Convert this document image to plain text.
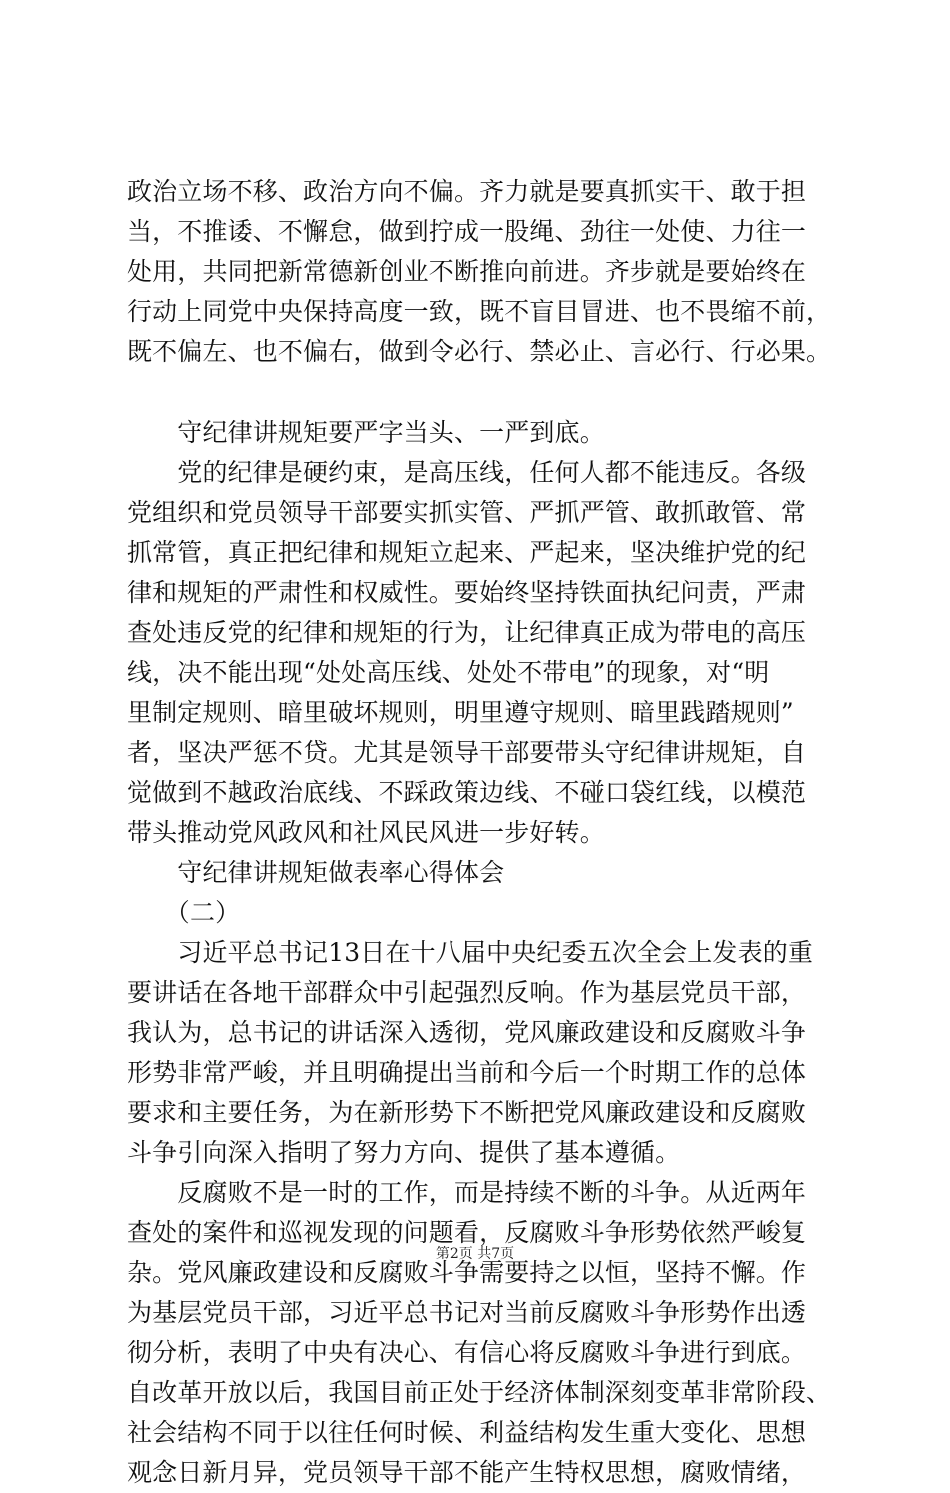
政治立场不移、政治方向不偏。齐力就是要真抓实干、敢于担
当，不推诿、不懈怠，做到拧成一股绳、劲往一处使、力往一
处用，共同把新常德新创业不断推向前进。齐步就是要始终在
行动上同党中央保持高度一致，既不盲目冒进、也不畏缩不前，
既不偏左、也不偏右，做到令必行、禁必止、言必行、行必果。
　　守纪律讲规矩要严字当头、一严到底。
　　党的纪律是硬约束，是高压线，任何人都不能违反。各级
党组织和党员领导干部要实抓实管、严抓严管、敢抓敢管、常
抓常管，真正把纪律和规矩立起来、严起来，坚决维护党的纪
律和规矩的严肃性和权威性。要始终坚持铁面执纪问责，严肃
查处违反党的纪律和规矩的行为，让纪律真正成为带电的高压
线，决不能出现“处处高压线、处处不带电”的现象，对“明
里制定规则、暗里破坏规则，明里遵守规则、暗里践踏规则”
者，坚决严惩不贷。尤其是领导干部要带头守纪律讲规矩，自
觉做到不越政治底线、不踩政策边线、不碰口袋红线，以模范
带头推动党风政风和社风民风进一步好转。
　　守纪律讲规矩做表率心得体会
　　（二）
　　习近平总书记13日在十八届中央纪委五次全会上发表的重
要讲话在各地干部群众中引起强烈反响。作为基层党员干部，
我认为，总书记的讲话深入透彻，党风廉政建设和反腐败斗争
形势非常严峻，并且明确提出当前和今后一个时期工作的总体
要求和主要任务，为在新形势下不断把党风廉政建设和反腐败
斗争引向深入指明了努力方向、提供了基本遵循。
　　反腐败不是一时的工作，而是持续不断的斗争。从近两年
查处的案件和巡视发现的问题看，反腐败斗争形势依然严峻复
杂。党风廉政建设和反腐败斗争需要持之以恒，坚持不懈。作
为基层党员干部，习近平总书记对当前反腐败斗争形势作出透
彻分析，表明了中央有决心、有信心将反腐败斗争进行到底。
自改革开放以后，我国目前正处于经济体制深刻变革非常阶段、
社会结构不同于以往任何时候、利益结构发生重大变化、思想
观念日新月异，党员领导干部不能产生特权思想，腐败情绪，
第2页 共7页
